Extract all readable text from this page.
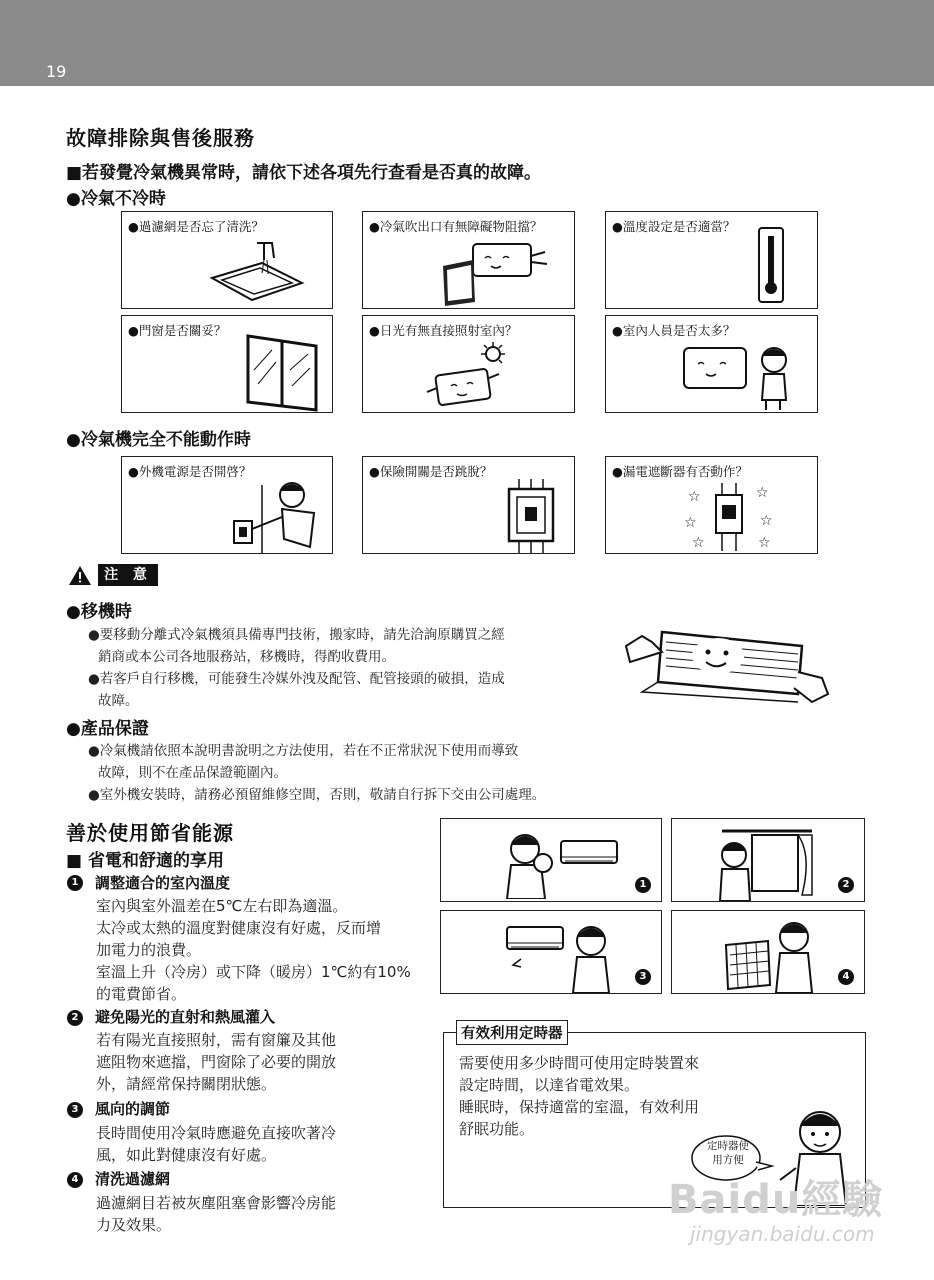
19
故障排除與售後服務
■若發覺冷氣機異常時，請依下述各項先行查看是否真的故障。
●冷氣不冷時
●過濾網是否忘了清洗？	●冷氣吹出口有無障礙物阻擋？	●溫度設定是否適當？
●門窗是否關妥？	●日光有無直接照射室內？	●室內人員是否太多？
●冷氣機完全不能動作時
●外機電源是否開啓？	●保險開關是否跳脫？	●漏電遮斷器有否動作？
☆	☆
☆	☆
☆	☆
注 意
●移機時
●要移動分離式冷氣機須具備專門技術，搬家時，請先洽詢原購買之經
銷商或本公司各地服務站，移機時，得酌收費用。
●若客戶自行移機，可能發生冷媒外洩及配管、配管接頭的破損，造成
故障。
●產品保證
●冷氣機請依照本說明書說明之方法使用，若在不正常狀況下使用而導致
故障，則不在產品保證範圍內。
●室外機安裝時，請務必預留維修空間，否則，敬請自行拆下交由公司處理。
善於使用節省能源
■ 省電和舒適的享用
1	調整適合的室內溫度
室內與室外溫差在5℃左右即為適溫。
太冷或太熱的溫度對健康沒有好處，反而增
加電力的浪費。
室溫上升（冷房）或下降（暖房）1℃約有10%
的電費節省。
2	避免陽光的直射和熱風灌入
若有陽光直接照射，需有窗簾及其他
遮阻物來遮擋，門窗除了必要的開放
外，請經常保持關閉狀態。
3	風向的調節
長時間使用冷氣時應避免直接吹著冷
風，如此對健康沒有好處。
4	清洗過濾網
過濾網目若被灰塵阻塞會影響冷房能
力及效果。
1	2
3	4
有效利用定時器
需要使用多少時間可使用定時裝置來
設定時間，以達省電效果。
睡眠時，保持適當的室溫，有效利用
舒眠功能。
定時器使
用方便
Baidu經驗
jingyan.baidu.com
